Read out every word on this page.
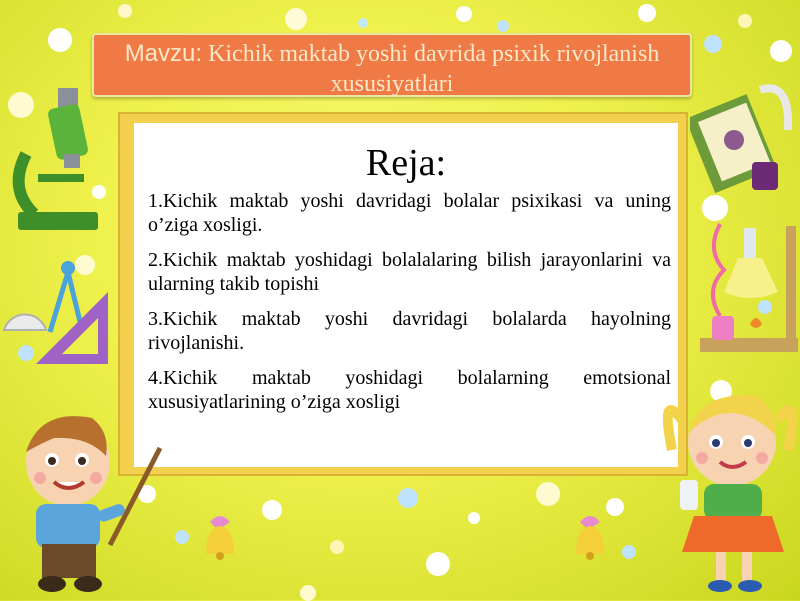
Mavzu: Kichik maktab yoshi davrida psixik rivojlanish xususiyatlari
Reja:
1.Kichik maktab yoshi davridagi bolalar psixikasi va uning o’ziga xosligi.
2.Kichik maktab yoshidagi bolalalaring bilish jarayonlarini va ularning takib topishi
3.Kichik maktab yoshi davridagi bolalarda hayolning rivojlanishi.
4.Kichik maktab yoshidagi bolalarning emotsional xususiyatlarining o’ziga xosligi
